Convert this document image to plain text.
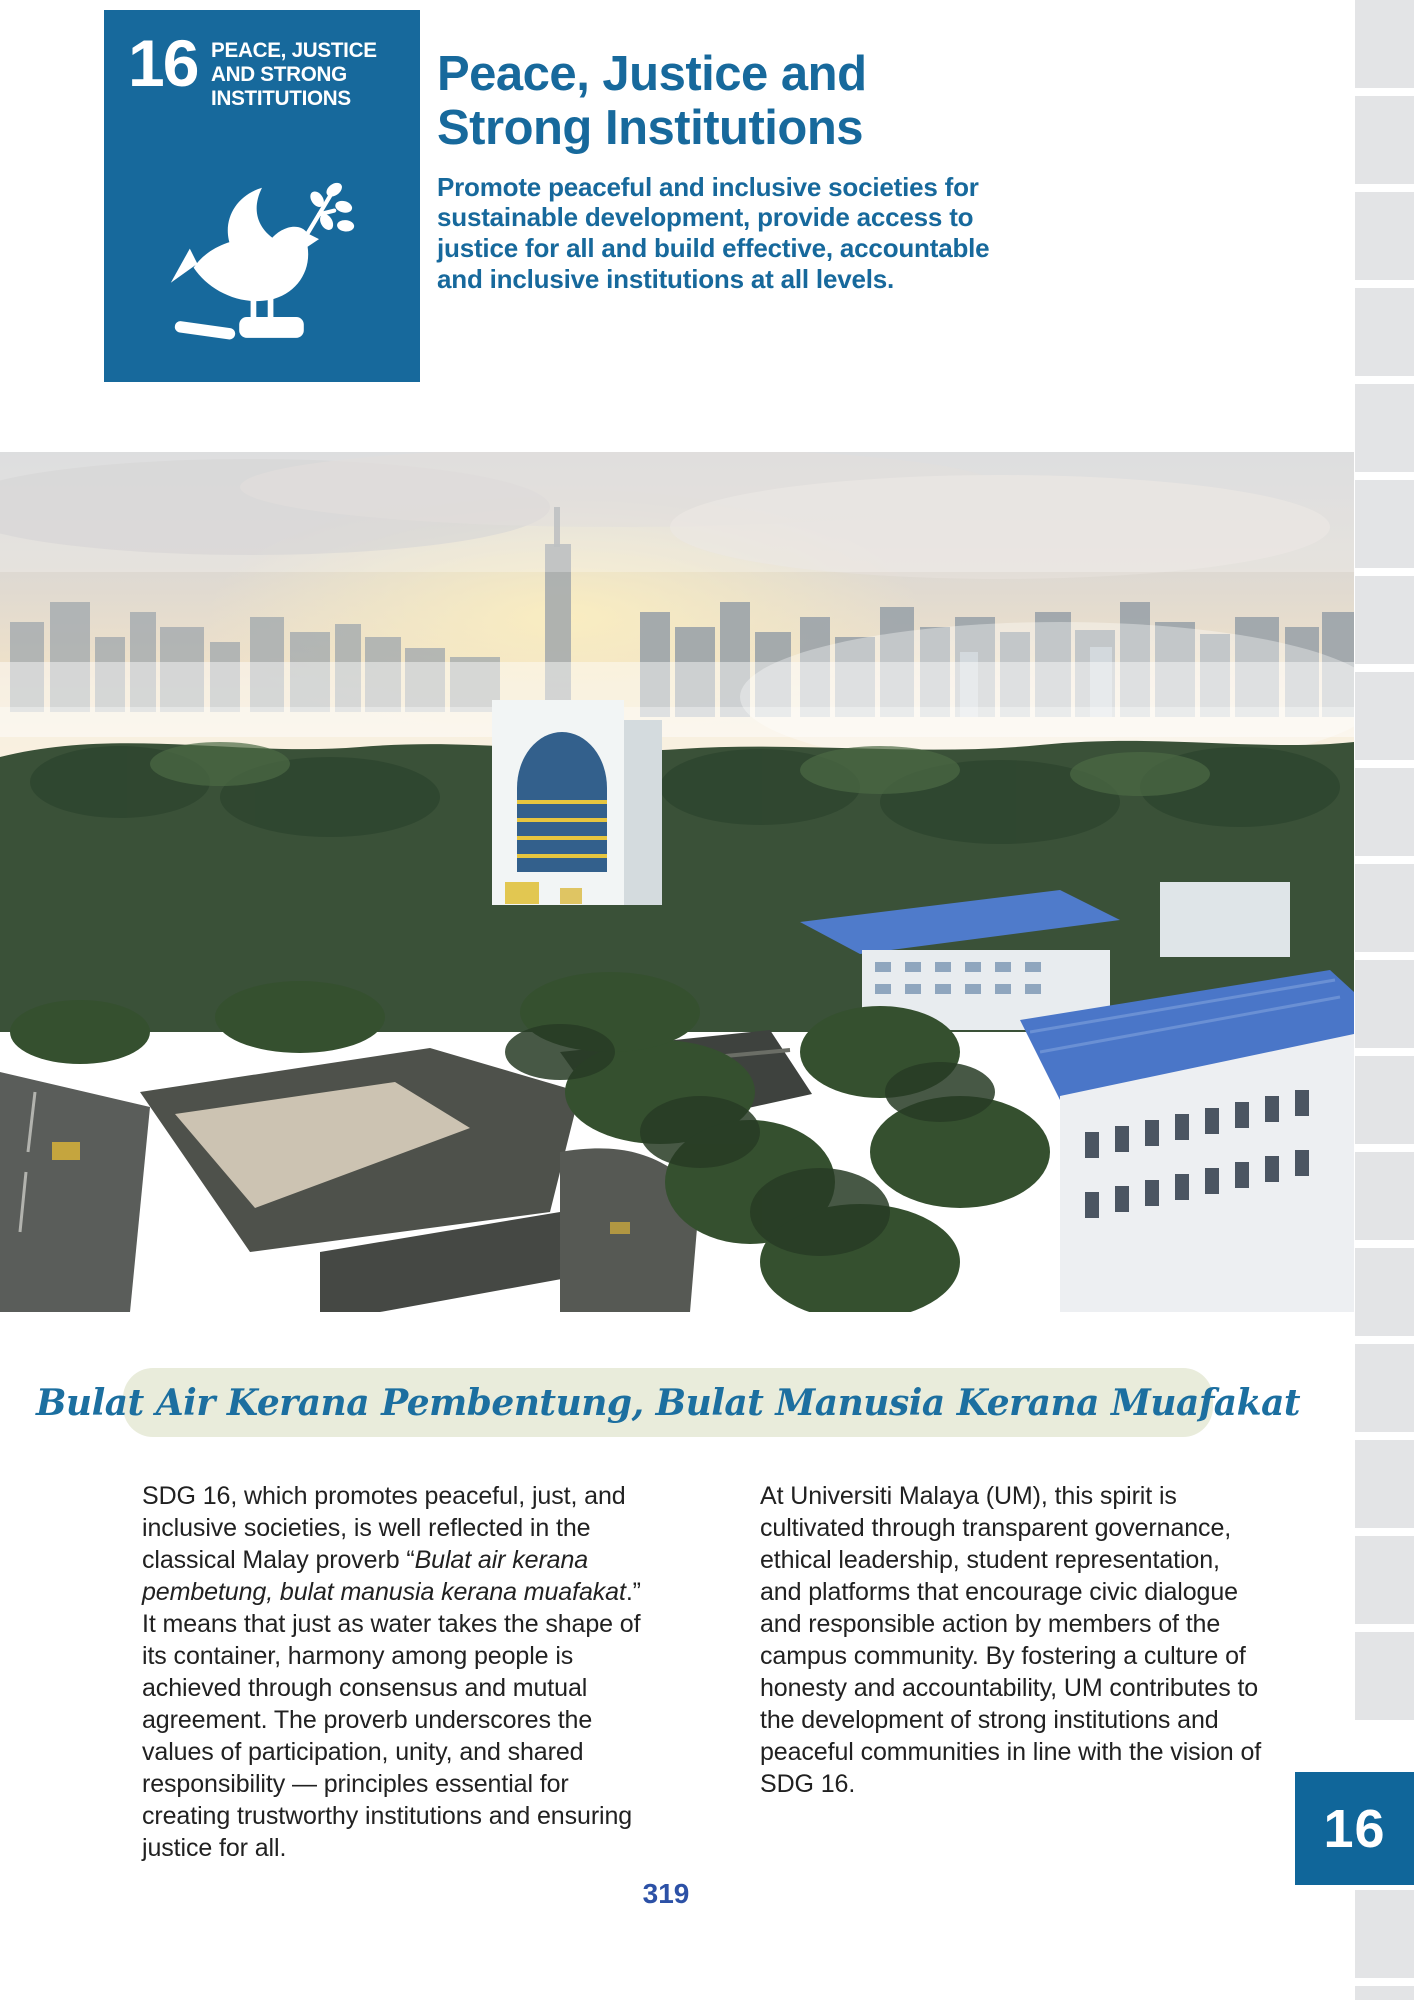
16
16 PEACE, JUSTICE
AND STRONG
INSTITUTIONS	Peace, Justice and
Strong Institutions
Promote peaceful and inclusive societies for sustainable development, provide access to justice for all and build effective, accountable and inclusive institutions at all levels.
Bulat Air Kerana Pembentung, Bulat Manusia Kerana Muafakat

SDG 16, which promotes peaceful, just, and inclusive societies, is well reflected in the classical Malay proverb “Bulat air kerana pembetung, bulat manusia kerana muafakat.” It means that just as water takes the shape of its container, harmony among people is achieved through consensus and mutual agreement. The proverb underscores the values of participation, unity, and shared responsibility — principles essential for creating trustworthy institutions and ensuring justice for all.

At Universiti Malaya (UM), this spirit is cultivated through transparent governance, ethical leadership, student representation, and platforms that encourage civic dialogue and responsible action by members of the campus community. By fostering a culture of honesty and accountability, UM contributes to the development of strong institutions and peaceful communities in line with the vision of SDG 16.

319
